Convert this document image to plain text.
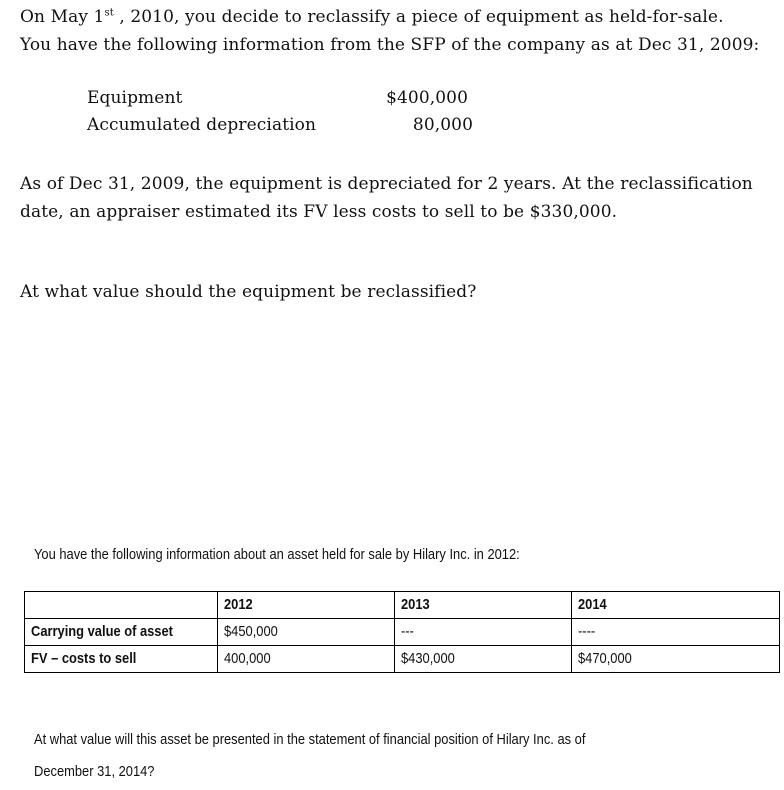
On May 1st , 2010, you decide to reclassify a piece of equipment as held-for-sale. You have the following information from the SFP of the company as at Dec 31, 2009:
Equipment	$400,000
Accumulated depreciation	80,000
As of Dec 31, 2009, the equipment is depreciated for 2 years. At the reclassification date, an appraiser estimated its FV less costs to sell to be $330,000.
At what value should the equipment be reclassified?
You have the following information about an asset held for sale by Hilary Inc. in 2012:
	2012	2013	2014
Carrying value of asset	$450,000	---	----
FV – costs to sell	400,000	$430,000	$470,000
At what value will this asset be presented in the statement of financial position of Hilary Inc. as of
December 31, 2014?
